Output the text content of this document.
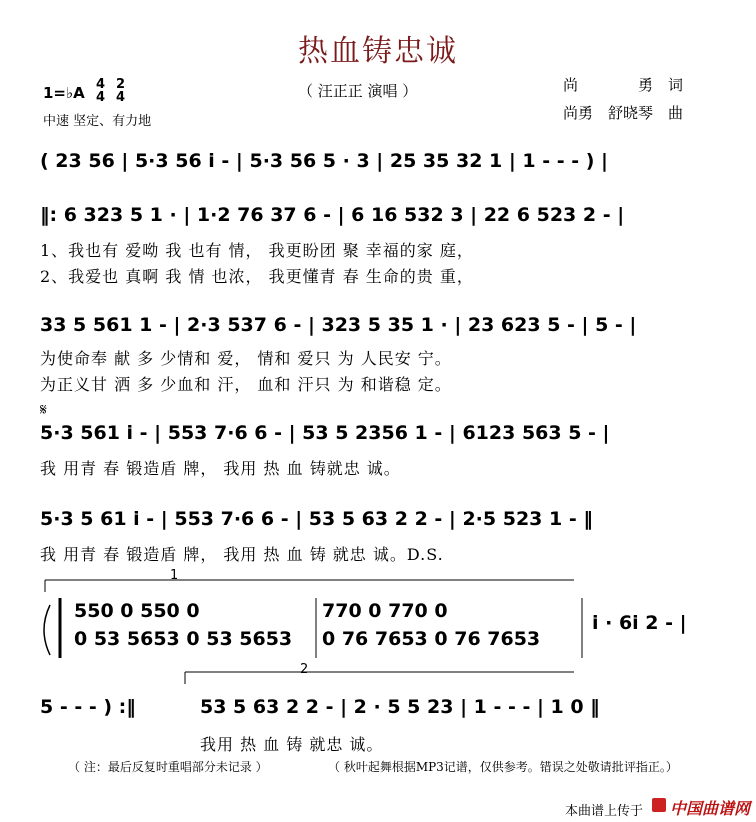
热血铸忠诚
（ 汪正正 演唱 ）	尚　　　　勇　词
尚勇　舒晓琴　曲
1=♭A 4
4
2
4
中速 坚定、有力地
( 23 56 | 5·3 56 i - | 5·3 56 5 · 3 | 25 35 32 1 | 1 - - - ) |
‖: 6 323 5 1 · | 1·2 76 37 6 - | 6 16 532 3 | 22 6 523 2 - |
1、我也有 爱呦 我 也有 情， 我更盼团 聚 幸福的家 庭，
2、我爱也 真啊 我 情 也浓， 我更懂青 春 生命的贵 重，
33 5 561 1 - | 2·3 537 6 - | 323 5 35 1 · | 23 623 5 - | 5 - |
为使命奉 献 多 少情和 爱， 情和 爱只 为 人民安 宁。
为正义甘 洒 多 少血和 汗， 血和 汗只 为 和谐稳 定。
𝄋
5·3 561 i - | 553 7·6 6 - | 53 5 2356 1 - | 6123 563 5 - |
我 用青 春 锻造盾 牌， 我用 热 血 铸就忠 诚。
5·3 5 61 i - | 553 7·6 6 - | 53 5 63 2 2 - | 2·5 523 1 - ‖
我 用青 春 锻造盾 牌， 我用 热 血 铸 就忠 诚。D.S.
1
550 0 550 0
0 53 5653 0 53 5653
770 0 770 0
0 76 7653 0 76 7653
i · 6i 2 - |
2
5 - - - ) :‖	53 5 63 2 2 - | 2 · 5 5 23 | 1 - - - | 1 0 ‖
我用 热 血 铸 就忠 诚。
（ 注：最后反复时重唱部分未记录 ）	（ 秋叶起舞根据MP3记谱，仅供参考。错误之处敬请批评指正。）
本曲谱上传于 中国曲谱网
